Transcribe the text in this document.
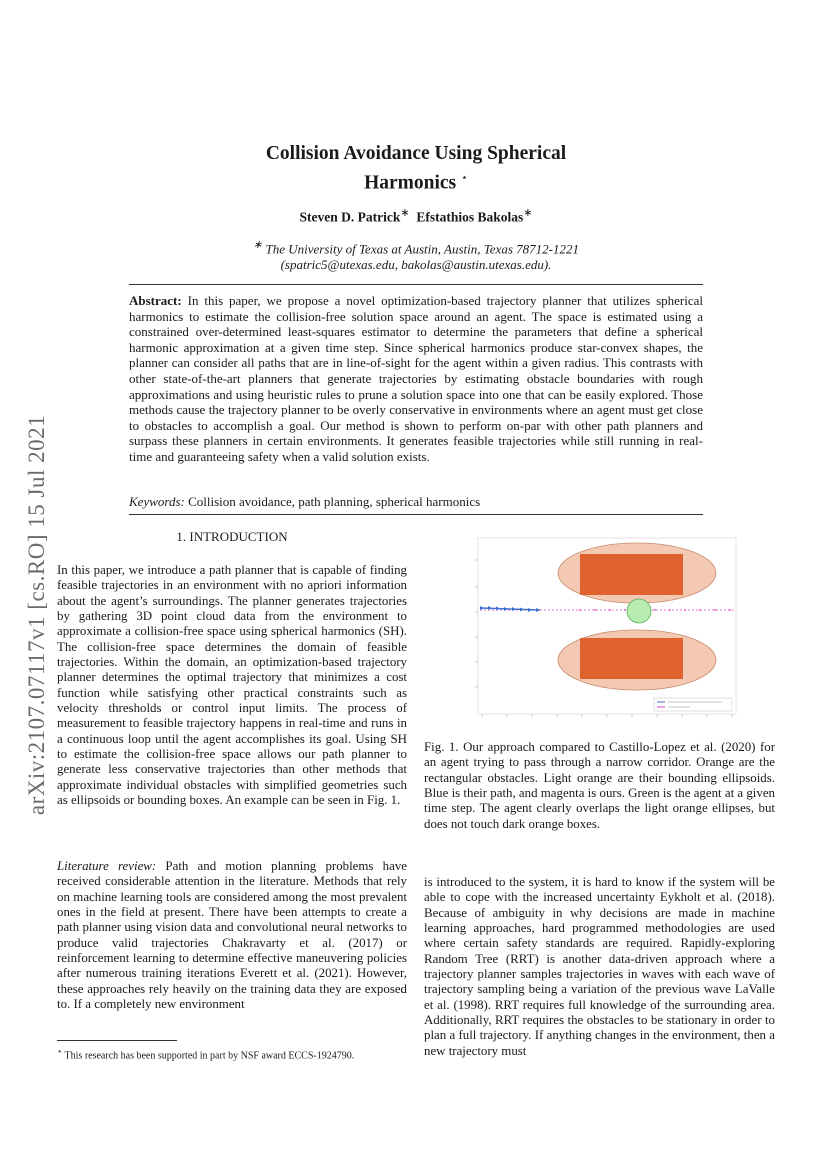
arXiv:2107.07117v1 [cs.RO] 15 Jul 2021
Collision Avoidance Using Spherical
Harmonics ⋆
Steven D. Patrick∗ Efstathios Bakolas∗
∗ The University of Texas at Austin, Austin, Texas 78712-1221
(spatric5@utexas.edu, bakolas@austin.utexas.edu).
Abstract: In this paper, we propose a novel optimization-based trajectory planner that utilizes spherical harmonics to estimate the collision-free solution space around an agent. The space is estimated using a constrained over-determined least-squares estimator to determine the parameters that define a spherical harmonic approximation at a given time step. Since spherical harmonics produce star-convex shapes, the planner can consider all paths that are in line-of-sight for the agent within a given radius. This contrasts with other state-of-the-art planners that generate trajectories by estimating obstacle boundaries with rough approximations and using heuristic rules to prune a solution space into one that can be easily explored. Those methods cause the trajectory planner to be overly conservative in environments where an agent must get close to obstacles to accomplish a goal. Our method is shown to perform on-par with other path planners and surpass these planners in certain environments. It generates feasible trajectories while still running in real-time and guaranteeing safety when a valid solution exists.
Keywords: Collision avoidance, path planning, spherical harmonics
1. INTRODUCTION
In this paper, we introduce a path planner that is capable of finding feasible trajectories in an environment with no apriori information about the agent’s surroundings. The planner generates trajectories by gathering 3D point cloud data from the environment to approximate a collision-free space using spherical harmonics (SH). The collision-free space determines the domain of feasible trajectories. Within the domain, an optimization-based trajectory planner determines the optimal trajectory that minimizes a cost function while satisfying other practical constraints such as velocity thresholds or control input limits. The process of measurement to feasible trajectory happens in real-time and runs in a continuous loop until the agent accomplishes its goal. Using SH to estimate the collision-free space allows our path planner to generate less conservative trajectories than other methods that approximate individual obstacles with simplified geometries such as ellipsoids or bounding boxes. An example can be seen in Fig. 1.
Literature review: Path and motion planning problems have received considerable attention in the literature. Methods that rely on machine learning tools are considered among the most prevalent ones in the field at present. There have been attempts to create a path planner using vision data and convolutional neural networks to produce valid trajectories Chakravarty et al. (2017) or reinforcement learning to determine effective maneuvering policies after numerous training iterations Everett et al. (2021). However, these approaches rely heavily on the training data they are exposed to. If a completely new environment
⋆ This research has been supported in part by NSF award ECCS-1924790.
Fig. 1. Our approach compared to Castillo-Lopez et al. (2020) for an agent trying to pass through a narrow corridor. Orange are the rectangular obstacles. Light orange are their bounding ellipsoids. Blue is their path, and magenta is ours. Green is the agent at a given time step. The agent clearly overlaps the light orange ellipses, but does not touch dark orange boxes.
is introduced to the system, it is hard to know if the system will be able to cope with the increased uncertainty Eykholt et al. (2018). Because of ambiguity in why decisions are made in machine learning approaches, hard programmed methodologies are used where certain safety standards are required. Rapidly-exploring Random Tree (RRT) is another data-driven approach where a trajectory planner samples trajectories in waves with each wave of trajectory sampling being a variation of the previous wave LaValle et al. (1998). RRT requires full knowledge of the surrounding area. Additionally, RRT requires the obstacles to be stationary in order to plan a full trajectory. If anything changes in the environment, then a new trajectory must
